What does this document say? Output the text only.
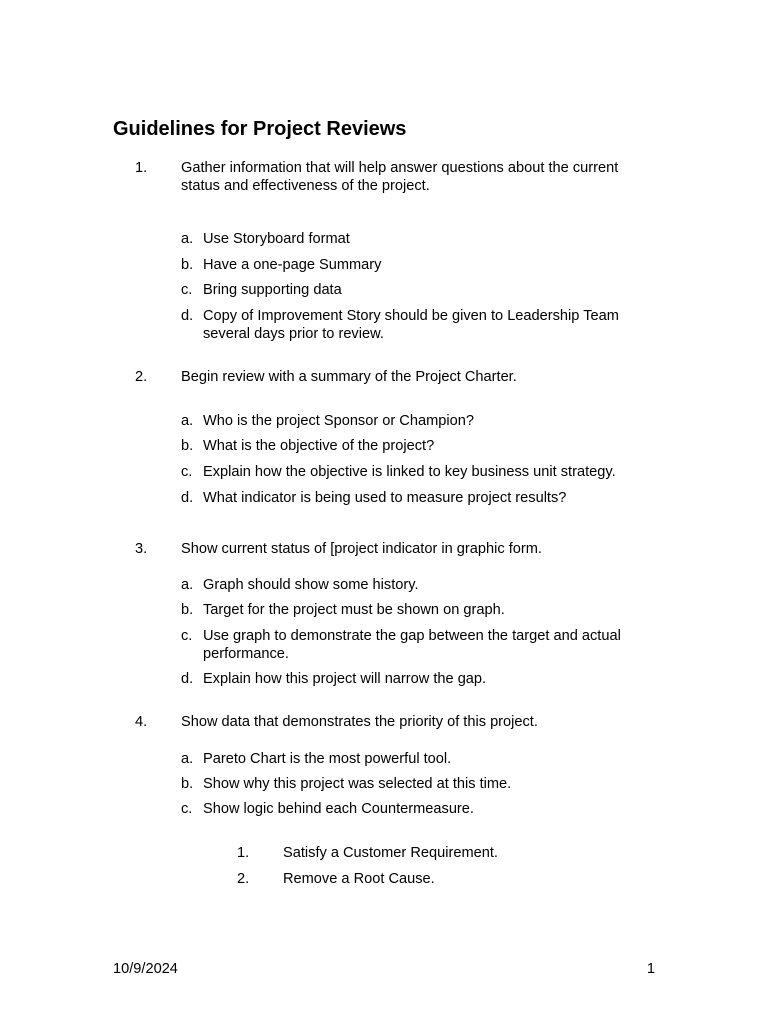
Guidelines for Project Reviews
1.	Gather information that will help answer questions about the current
status and effectiveness of the project.
a. Use Storyboard format
b. Have a one-page Summary
c. Bring supporting data
d. Copy of Improvement Story should be given to Leadership Team
several days prior to review.
2.	Begin review with a summary of the Project Charter.
a. Who is the project Sponsor or Champion?
b. What is the objective of the project?
c. Explain how the objective is linked to key business unit strategy.
d. What indicator is being used to measure project results?
3.	Show current status of [project indicator in graphic form.
a. Graph should show some history.
b. Target for the project must be shown on graph.
c. Use graph to demonstrate the gap between the target and actual
performance.
d. Explain how this project will narrow the gap.
4.	Show data that demonstrates the priority of this project.
a. Pareto Chart is the most powerful tool.
b. Show why this project was selected at this time.
c. Show logic behind each Countermeasure.
1.	Satisfy a Customer Requirement.
2.	Remove a Root Cause.
10/9/2024	1
